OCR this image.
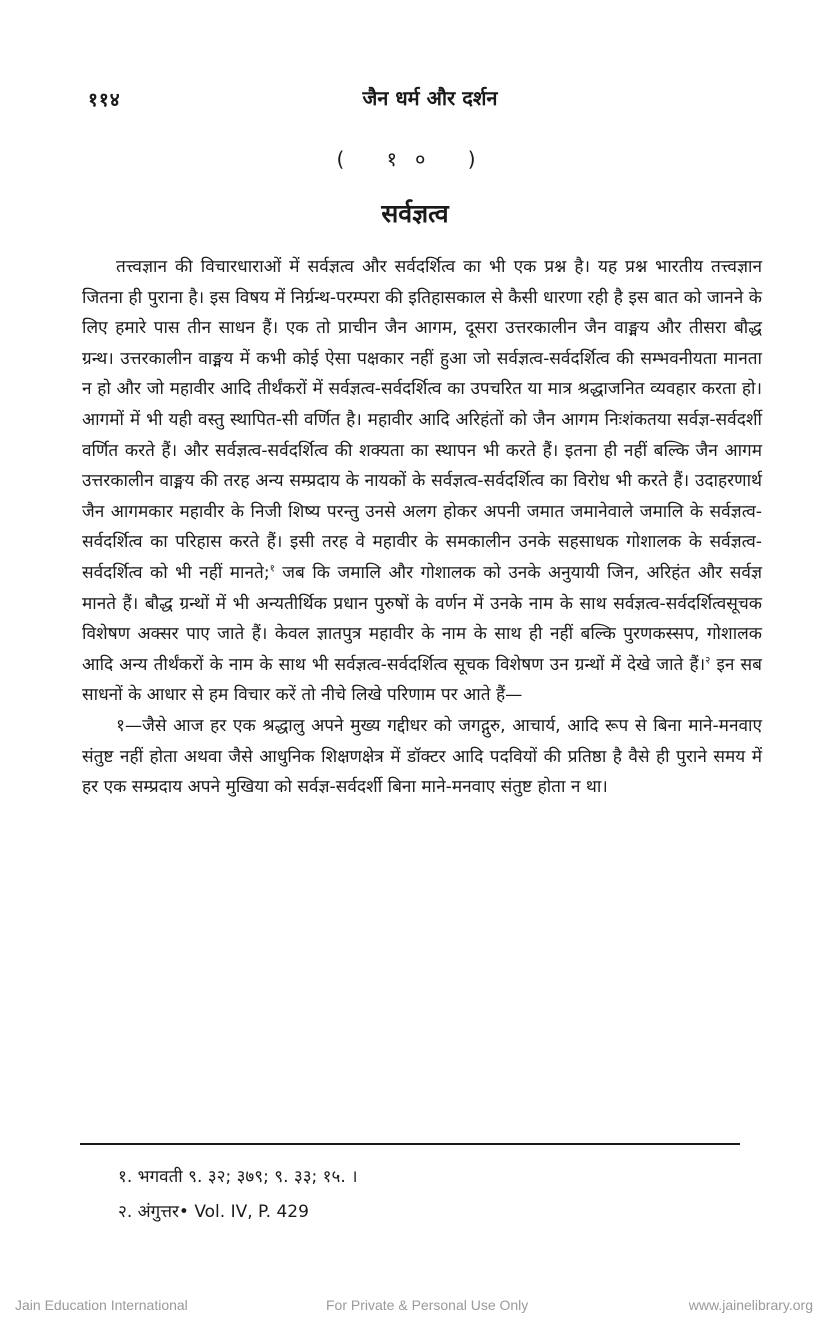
११४	जैन धर्म और दर्शन
( १० )
सर्वज्ञत्व

तत्त्वज्ञान की विचारधाराओं में सर्वज्ञत्व और सर्वदर्शित्व का भी एक प्रश्न है। यह प्रश्न भारतीय तत्त्वज्ञान जितना ही पुराना है। इस विषय में निर्ग्रन्थ-परम्परा की इतिहासकाल से कैसी धारणा रही है इस बात को जानने के लिए हमारे पास तीन साधन हैं। एक तो प्राचीन जैन आगम, दूसरा उत्तरकालीन जैन वाङ्मय और तीसरा बौद्ध ग्रन्थ। उत्तरकालीन वाङ्मय में कभी कोई ऐसा पक्षकार नहीं हुआ जो सर्वज्ञत्व-सर्वदर्शित्व की सम्भवनीयता मानता न हो और जो महावीर आदि तीर्थंकरों में सर्वज्ञत्व-सर्वदर्शित्व का उपचरित या मात्र श्रद्धाजनित व्यवहार करता हो। आगमों में भी यही वस्तु स्थापित-सी वर्णित है। महावीर आदि अरिहंतों को जैन आगम निःशंकतया सर्वज्ञ-सर्वदर्शी वर्णित करते हैं। और सर्वज्ञत्व-सर्वदर्शित्व की शक्यता का स्थापन भी करते हैं। इतना ही नहीं बल्कि जैन आगम उत्तरकालीन वाङ्मय की तरह अन्य सम्प्रदाय के नायकों के सर्वज्ञत्व-सर्वदर्शित्व का विरोध भी करते हैं। उदाहरणार्थ जैन आगमकार महावीर के निजी शिष्य परन्तु उनसे अलग होकर अपनी जमात जमानेवाले जमालि के सर्वज्ञत्व-सर्वदर्शित्व का परिहास करते हैं। इसी तरह वे महावीर के समकालीन उनके सहसाधक गोशालक के सर्वज्ञत्व-सर्वदर्शित्व को भी नहीं मानते;$^१$ जब कि जमालि और गोशालक को उनके अनुयायी जिन, अरिहंत और सर्वज्ञ मानते हैं। बौद्ध ग्रन्थों में भी अन्यतीर्थिक प्रधान पुरुषों के वर्णन में उनके नाम के साथ सर्वज्ञत्व-सर्वदर्शित्वसूचक विशेषण अक्सर पाए जाते हैं। केवल ज्ञातपुत्र महावीर के नाम के साथ ही नहीं बल्कि पुरणकस्सप, गोशालक आदि अन्य तीर्थंकरों के नाम के साथ भी सर्वज्ञत्व-सर्वदर्शित्व सूचक विशेषण उन ग्रन्थों में देखे जाते हैं।$^२$ इन सब साधनों के आधार से हम विचार करें तो नीचे लिखे परिणाम पर आते हैं—

१—जैसे आज हर एक श्रद्धालु अपने मुख्य गद्दीधर को जगद्गुरु, आचार्य, आदि रूप से बिना माने-मनवाए संतुष्ट नहीं होता अथवा जैसे आधुनिक शिक्षणक्षेत्र में डॉक्टर आदि पदवियों की प्रतिष्ठा है वैसे ही पुराने समय में हर एक सम्प्रदाय अपने मुखिया को सर्वज्ञ-सर्वदर्शी बिना माने-मनवाए संतुष्ट होता न था।

१. भगवती ९. ३२; ३७९; ९. ३३; १५. ।

२. अंगुत्तर• Vol. IV, P. 429

Jain Education International	For Private & Personal Use Only	www.jainelibrary.org
